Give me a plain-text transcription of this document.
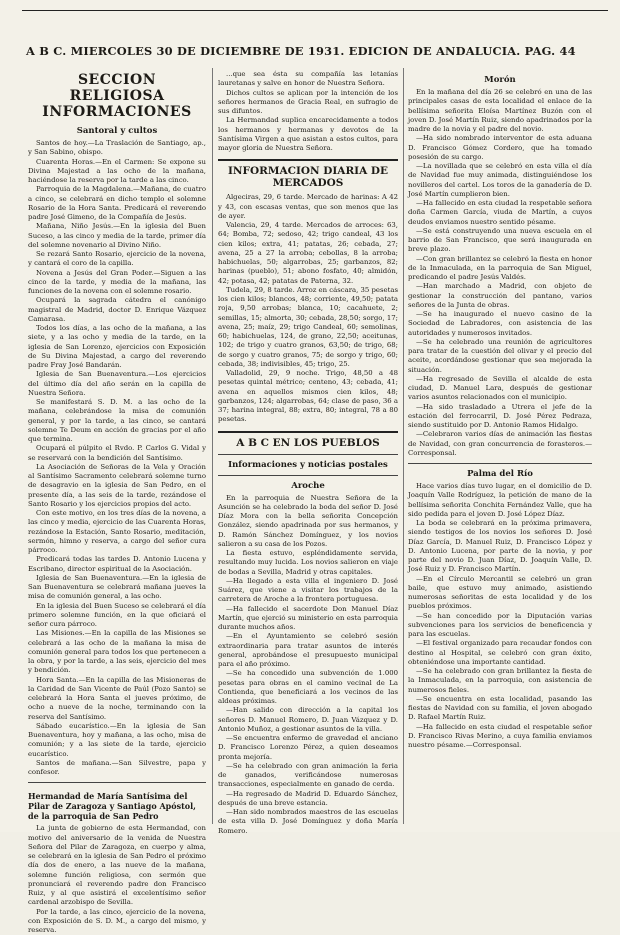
A B C. MIERCOLES 30 DE DICIEMBRE DE 1931. EDICION DE ANDALUCIA. PAG. 44
SECCION RELIGIOSA INFORMACIONES
Santoral y cultos

Santos de hoy.—La Traslación de Santiago, ap., y San Sabino, obispo.

Cuarenta Horas.—En el Carmen: Se expone su Divina Majestad a las ocho de la mañana, haciéndose la reserva por la tarde a las cinco.

Parroquia de la Magdalena.—Mañana, de cuatro a cinco, se celebrará en dicho templo el solemne Rosario de la Hora Santa. Predicará el reverendo padre José Gimeno, de la Compañía de Jesús.

Mañana, Niño Jesús.—En la iglesia del Buen Suceso, a las cinco y media de la tarde, primer día del solemne novenario al Divino Niño.

Se rezará Santo Rosario, ejercicio de la novena, y cantará el coro de la capilla.

Novena a Jesús del Gran Poder.—Siguen a las cinco de la tarde, y media de la mañana, las funciones de la novena con el solemne rosario.

Ocupará la sagrada cátedra el canónigo magistral de Madrid, doctor D. Enrique Vázquez Camarasa.

Todos los días, a las ocho de la mañana, a las siete, y a las ocho y media de la tarde, en la iglesia de San Lorenzo, ejercicios con Exposición de Su Divina Majestad, a cargo del reverendo padre Fray José Bandarán.

Iglesia de San Buenaventura.—Los ejercicios del último día del año serán en la capilla de Nuestra Señora.

Se manifestará S. D. M. a las ocho de la mañana, celebrándose la misa de comunión general, y por la tarde, a las cinco, se cantará solemne Te Deum en acción de gracias por el año que termina.

Ocupará el púlpito el Rvdo. P. Carlos G. Vidal y se reservará con la bendición del Santísimo.

La Asociación de Señoras de la Vela y Oración al Santísimo Sacramento celebrará solemne turno de desagravio en la iglesia de San Pedro, en el presente día, a las seis de la tarde, rezándose el Santo Rosario y los ejercicios propios del acto.

Con este motivo, en los tres días de la novena, a las cinco y media, ejercicio de las Cuarenta Horas, rezándose la Estación, Santo Rosario, meditación, sermón, himno y reserva, a cargo del señor cura párroco.

Predicará todas las tardes D. Antonio Lucena y Escribano, director espiritual de la Asociación.

Iglesia de San Buenaventura.—En la iglesia de San Buenaventura se celebrará mañana jueves la misa de comunión general, a las ocho.

En la iglesia del Buen Suceso se celebrará el día primero solemne función, en la que oficiará el señor cura párroco.

Las Misiones.—En la capilla de las Misiones se celebrará a las ocho de la mañana la misa de comunión general para todos los que pertenecen a la obra, y por la tarde, a las seis, ejercicio del mes y bendición.

Hora Santa.—En la capilla de las Misioneras de la Caridad de San Vicente de Paúl (Pozo Santo) se celebrará la Hora Santa el jueves próximo, de ocho a nueve de la noche, terminando con la reserva del Santísimo.

Sábado eucarístico.—En la iglesia de San Buenaventura, hoy y mañana, a las ocho, misa de comunión; y a las siete de la tarde, ejercicio eucarístico.

Santos de mañana.—San Silvestre, papa y confesor.

Hermandad de María Santísima del Pilar de Zaragoza y Santiago Apóstol, de la parroquia de San Pedro

La junta de gobierno de esta Hermandad, con motivo del aniversario de la venida de Nuestra Señora del Pilar de Zaragoza, en cuerpo y alma, se celebrará en la iglesia de San Pedro el próximo día dos de enero, a las nueve de la mañana, solemne función religiosa, con sermón que pronunciará el reverendo padre don Francisco Ruiz, y al que asistirá el excelentísimo señor cardenal arzobispo de Sevilla.

Por la tarde, a las cinco, ejercicio de la novena, con Exposición de S. D. M., a cargo del mismo, y reserva.

...que sea ésta su compañía las letanías lauretanas y salve en honor de Nuestra Señora.

Dichos cultos se aplican por la intención de los señores hermanos de Gracia Real, en sufragio de sus difuntos.

La Hermandad suplica encarecidamente a todos los hermanos y hermanas y devotos de la Santísima Virgen a que asistan a estos cultos, para mayor gloria de Nuestra Señora.

INFORMACION DIARIA DE MERCADOS

Algeciras, 29, 6 tarde. Mercado de harinas: A 42 y 43, con escasas ventas, que son menos que las de ayer.

Valencia, 29, 4 tarde. Mercados de arroces: 63, 64; Bomba, 72; sedoso, 42; trigo candeal, 43 los cien kilos; extra, 41; patatas, 26; cebada, 27; avena, 25 a 27 la arroba; cebollas, 8 la arroba; habichuelas, 50; algarrobas, 25; garbanzos, 82; harinas (pueblo), 51; abono fosfato, 40; almidón, 42; potasa, 42; patatas de Paterna, 32.

Tudela, 29, 8 tarde. Arroz en cáscara, 35 pesetas los cien kilos; blancos, 48; corriente, 49,50; patata roja, 9,50 arrobas; blanca, 10; cacahuete, 2; semillas, 15; almorta, 30; cebada, 28,50; sorgo, 17; avena, 25; maíz, 29; trigo Candeal, 60; semolinas, 60; habichuelas, 124, de grano, 22,50; aceitunas, 102; de trigo y cuatro granos, 63,50; de trigo, 68; de sorgo y cuatro granos, 75; de sorgo y trigo, 60; cebada, 38; indivisibles, 45; trigo, 25.

Valladolid, 29, 9 noche. Trigo, 48,50 a 48 pesetas quintal métrico; centeno, 43; cebada, 41; avena en aquellos mismos cien kilos, 48; garbanzos, 124; algarrobas, 64; clase de paso, 36 a 37; harina integral, 88; extra, 80; integral, 78 a 80 pesetas.

A B C EN LOS PUEBLOS
Informaciones y noticias postales
Aroche

En la parroquia de Nuestra Señora de la Asunción se ha celebrado la boda del señor D. José Díaz Mora con la bella señorita Concepción González, siendo apadrinada por sus hermanos, y D. Ramón Sánchez Domínguez, y los novios salieron a su casa de los Pozos.

La fiesta estuvo, espléndidamente servida, resultando muy lucida. Los novios salieron en viaje de bodas a Sevilla, Madrid y otras capitales.

—Ha llegado a esta villa el ingeniero D. José Suárez, que viene a visitar los trabajos de la carretera de Aroche a la frontera portuguesa.

—Ha fallecido el sacerdote Don Manuel Díaz Martín, que ejerció su ministerio en esta parroquia durante muchos años.

—En el Ayuntamiento se celebró sesión extraordinaria para tratar asuntos de interés general, aprobándose el presupuesto municipal para el año próximo.

—Se ha concedido una subvención de 1.000 pesetas para obras en el camino vecinal de La Contienda, que beneficiará a los vecinos de las aldeas próximas.

—Han salido con dirección a la capital los señores D. Manuel Romero, D. Juan Vázquez y D. Antonio Muñoz, a gestionar asuntos de la villa.

—Se encuentra enfermo de gravedad el anciano D. Francisco Lorenzo Pérez, a quien deseamos pronta mejoría.

—Se ha celebrado con gran animación la feria de ganados, verificándose numerosas transacciones, especialmente en ganado de cerda.

—Ha regresado de Madrid D. Eduardo Sánchez, después de una breve estancia.

—Han sido nombrados maestros de las escuelas de esta villa D. José Domínguez y doña María Romero.

Morón

En la mañana del día 26 se celebró en una de las principales casas de esta localidad el enlace de la bellísima señorita Eloísa Martínez Buzón con el joven D. José Martín Ruiz, siendo apadrinados por la madre de la novia y el padre del novio.

—Ha sido nombrado interventor de esta aduana D. Francisco Gómez Cordero, que ha tomado posesión de su cargo.

—La novillada que se celebró en esta villa el día de Navidad fue muy animada, distinguiéndose los novilleros del cartel. Los toros de la ganadería de D. José Martín cumplieron bien.

—Ha fallecido en esta ciudad la respetable señora doña Carmen García, viuda de Martín, a cuyos deudos enviamos nuestro sentido pésame.

—Se está construyendo una nueva escuela en el barrio de San Francisco, que será inaugurada en breve plazo.

—Con gran brillantez se celebró la fiesta en honor de la Inmaculada, en la parroquia de San Miguel, predicando el padre Jesús Valdés.

—Han marchado a Madrid, con objeto de gestionar la construcción del pantano, varios señores de la Junta de obras.

—Se ha inaugurado el nuevo casino de la Sociedad de Labradores, con asistencia de las autoridades y numerosos invitados.

—Se ha celebrado una reunión de agricultores para tratar de la cuestión del olivar y el precio del aceite, acordándose gestionar que sea mejorada la situación.

—Ha regresado de Sevilla el alcalde de esta ciudad, D. Manuel Lara, después de gestionar varios asuntos relacionados con el municipio.

—Ha sido trasladado a Utrera el jefe de la estación del ferrocarril, D. José Pérez Pedraza, siendo sustituido por D. Antonio Ramos Hidalgo.

—Celebraron varios días de animación las fiestas de Navidad, con gran concurrencia de forasteros.—Corresponsal.

Palma del Río

Hace varios días tuvo lugar, en el domicilio de D. Joaquín Valle Rodríguez, la petición de mano de la bellísima señorita Conchita Fernández Valle, que ha sido pedida para el joven D. José López Díaz.

La boda se celebrará en la próxima primavera, siendo testigos de los novios los señores D. José Díaz García, D. Manuel Ruiz, D. Francisco López y D. Antonio Lucena, por parte de la novia, y por parte del novio D. Juan Díaz, D. Joaquín Valle, D. José Ruiz y D. Francisco Martín.

—En el Círculo Mercantil se celebró un gran baile, que estuvo muy animado, asistiendo numerosas señoritas de esta localidad y de los pueblos próximos.

—Se han concedido por la Diputación varias subvenciones para los servicios de beneficencia y para las escuelas.

—El festival organizado para recaudar fondos con destino al Hospital, se celebró con gran éxito, obteniéndose una importante cantidad.

—Se ha celebrado con gran brillantez la fiesta de la Inmaculada, en la parroquia, con asistencia de numerosos fieles.

—Se encuentra en esta localidad, pasando las fiestas de Navidad con su familia, el joven abogado D. Rafael Martín Ruiz.

—Ha fallecido en esta ciudad el respetable señor D. Francisco Rivas Merino, a cuya familia enviamos nuestro pésame.—Corresponsal.
